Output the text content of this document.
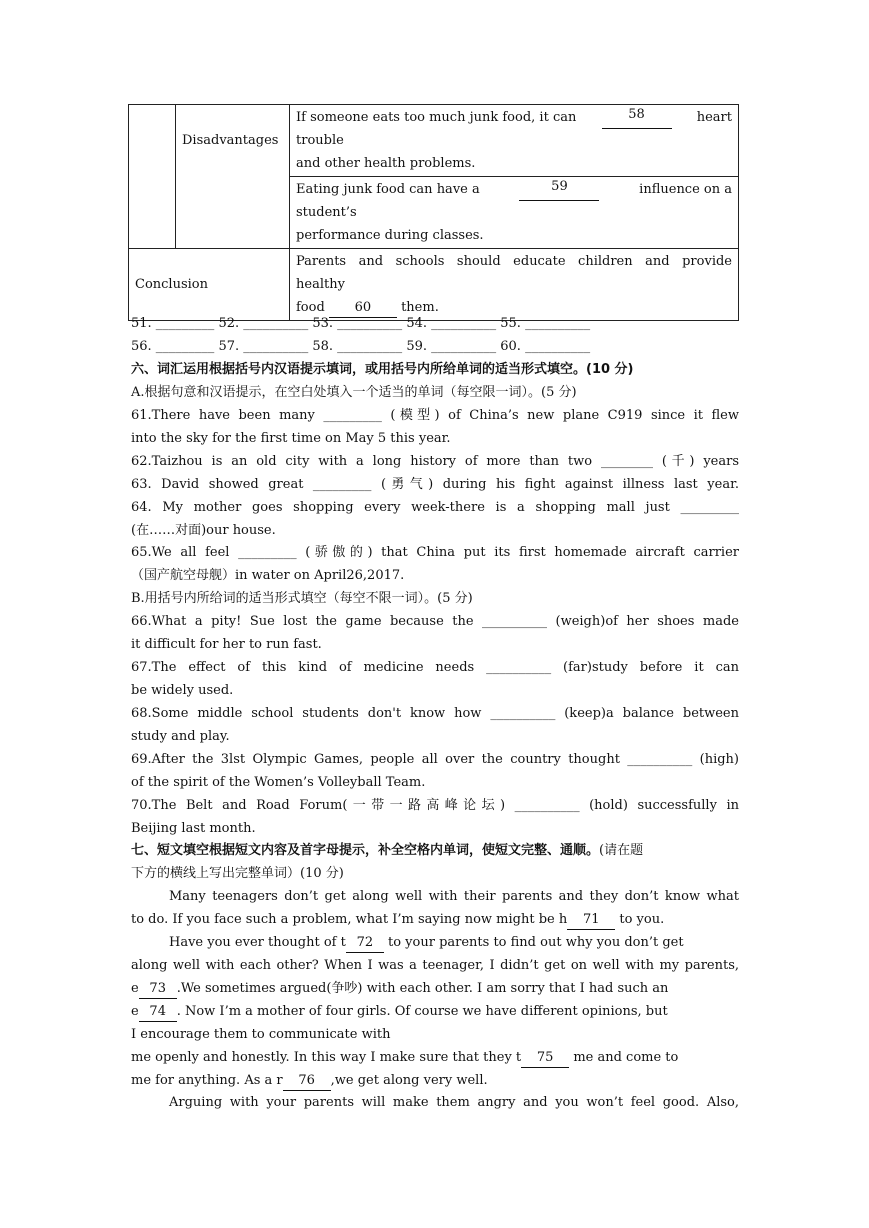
	Disadvantages	If someone eats too much junk food, it can 58 heart
trouble
and other health problems.

		Eating junk food can have a 59 influence on a
student’s
performance during classes.

Conclusion		Parents and schools should educate children and provide
healthy
food 60 them.
51. _________ 52. __________ 53. __________ 54. __________ 55. __________
56. _________ 57. __________ 58. __________ 59. __________ 60. __________
六、词汇运用根据括号内汉语提示填词，或用括号内所给单词的适当形式填空。(10 分)
A.根据句意和汉语提示，在空白处填入一个适当的单词（每空限一词）。(5 分)
61.There have been many _________ (模型) of China’s new plane C919 since it flew
into the sky for the first time on May 5 this year.
62.Taizhou is an old city with a long history of more than two ________ (千) years
63. David showed great _________ (勇气) during his fight against illness last year.
64. My mother goes shopping every week-there is a shopping mall just _________
(在……对面)our house.
65.We all feel _________ (骄傲的) that China put its first homemade aircraft carrier
（国产航空母舰）in water on April26,2017.
B.用括号内所给词的适当形式填空（每空不限一词）。(5 分)
66.What a pity! Sue lost the game because the __________ (weigh)of her shoes made
it difficult for her to run fast.
67.The effect of this kind of medicine needs __________ (far)study before it can
be widely used.
68.Some middle school students don't know how __________ (keep)a balance between
study and play.
69.After the 3lst Olympic Games, people all over the country thought __________ (high)
of the spirit of the Women’s Volleyball Team.
70.The Belt and Road Forum(一带一路高峰论坛) __________ (hold) successfully in
Beijing last month.
七、短文填空根据短文内容及首字母提示，补全空格内单词，使短文完整、通顺。(请在题
下方的横线上写出完整单词）(10 分)
Many teenagers don’t get along well with their parents and they don’t know what
to do. If you face such a problem, what I’m saying now might be h 71 to you.
Have you ever thought of t 72 to your parents to find out why you don’t get
along well with each other? When I was a teenager, I didn’t get on well with my parents,
e 73 .We sometimes argued(争吵) with each other. I am sorry that I had such an
e 74 . Now I’m a mother of four girls. Of course we have different opinions, but
I encourage them to communicate with
me openly and honestly. In this way I make sure that they t 75 me and come to
me for anything. As a r 76 ,we get along very well.
Arguing with your parents will make them angry and you won’t feel good. Also,
